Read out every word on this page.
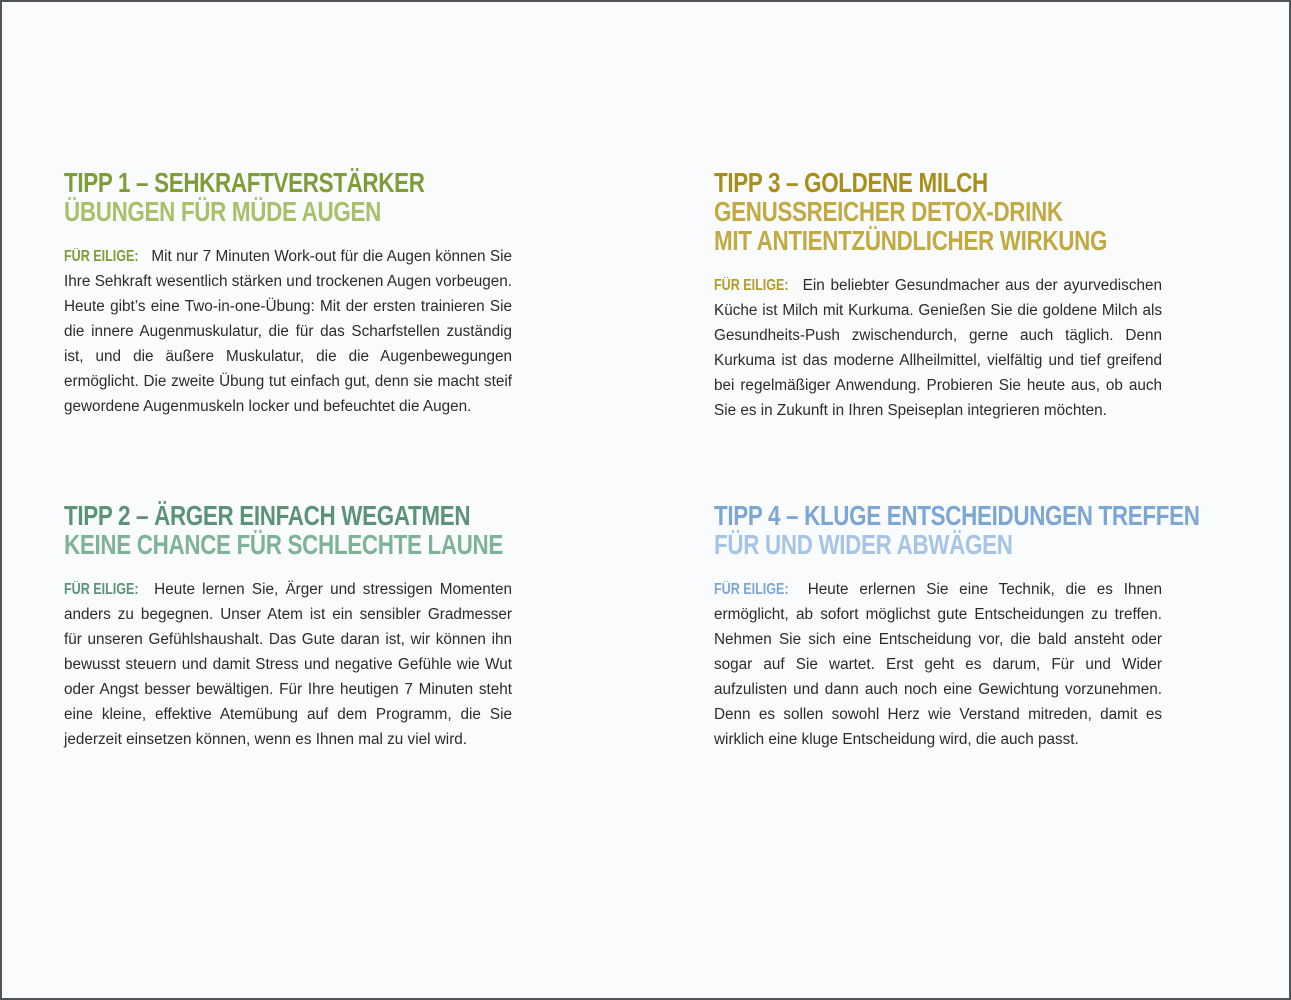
TIPP 1 – SEHKRAFTVERSTÄRKER
ÜBUNGEN FÜR MÜDE AUGEN

FÜR EILIGE: Mit nur 7 Minuten Work-out für die Augen können Sie Ihre Sehkraft wesentlich stärken und trockenen Augen vorbeugen. Heute gibt’s eine Two-in-one-Übung: Mit der ersten trainieren Sie die innere Augenmuskulatur, die für das Scharfstellen zuständig ist, und die äußere Muskulatur, die die Augenbewegungen ermöglicht. Die zweite Übung tut einfach gut, denn sie macht steif gewordene Augenmuskeln locker und befeuchtet die Augen.

TIPP 3 – GOLDENE MILCH
GENUSSREICHER DETOX-DRINK
MIT ANTIENTZÜNDLICHER WIRKUNG

FÜR EILIGE: Ein beliebter Gesundmacher aus der ayurvedischen Küche ist Milch mit Kurkuma. Genießen Sie die goldene Milch als Gesundheits-Push zwischendurch, gerne auch täglich. Denn Kurkuma ist das moderne Allheilmittel, vielfältig und tief greifend bei regelmäßiger Anwendung. Probieren Sie heute aus, ob auch Sie es in Zukunft in Ihren Speiseplan integrieren möchten.

TIPP 2 – ÄRGER EINFACH WEGATMEN
KEINE CHANCE FÜR SCHLECHTE LAUNE

FÜR EILIGE: Heute lernen Sie, Ärger und stressigen Momenten anders zu begegnen. Unser Atem ist ein sensibler Gradmesser für unseren Gefühlshaushalt. Das Gute daran ist, wir können ihn bewusst steuern und damit Stress und negative Gefühle wie Wut oder Angst besser bewältigen. Für Ihre heutigen 7 Minuten steht eine kleine, effektive Atemübung auf dem Programm, die Sie jederzeit einsetzen können, wenn es Ihnen mal zu viel wird.

TIPP 4 – KLUGE ENTSCHEIDUNGEN TREFFEN
FÜR UND WIDER ABWÄGEN

FÜR EILIGE: Heute erlernen Sie eine Technik, die es Ihnen ermöglicht, ab sofort möglichst gute Entscheidungen zu treffen. Nehmen Sie sich eine Entscheidung vor, die bald ansteht oder sogar auf Sie wartet. Erst geht es darum, Für und Wider aufzulisten und dann auch noch eine Gewichtung vorzunehmen. Denn es sollen sowohl Herz wie Verstand mitreden, damit es wirklich eine kluge Entscheidung wird, die auch passt.
